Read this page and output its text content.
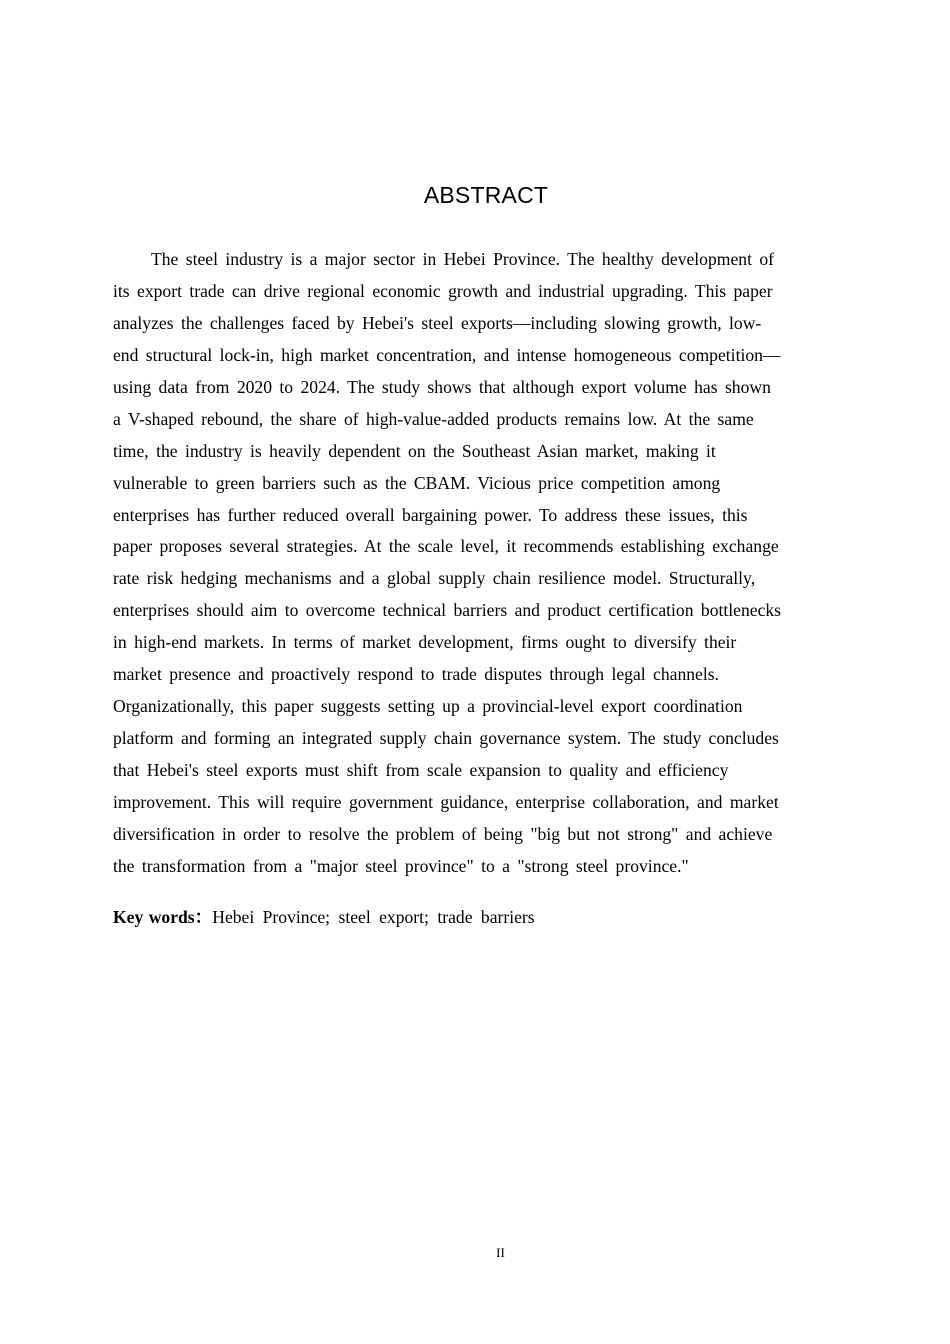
ABSTRACT
The steel industry is a major sector in Hebei Province. The healthy development of
its export trade can drive regional economic growth and industrial upgrading. This paper
analyzes the challenges faced by Hebei's steel exports—including slowing growth, low-
end structural lock-in, high market concentration, and intense homogeneous competition—
using data from 2020 to 2024. The study shows that although export volume has shown
a V-shaped rebound, the share of high-value-added products remains low. At the same
time, the industry is heavily dependent on the Southeast Asian market, making it
vulnerable to green barriers such as the CBAM. Vicious price competition among
enterprises has further reduced overall bargaining power. To address these issues, this
paper proposes several strategies. At the scale level, it recommends establishing exchange
rate risk hedging mechanisms and a global supply chain resilience model. Structurally,
enterprises should aim to overcome technical barriers and product certification bottlenecks
in high-end markets. In terms of market development, firms ought to diversify their
market presence and proactively respond to trade disputes through legal channels.
Organizationally, this paper suggests setting up a provincial-level export coordination
platform and forming an integrated supply chain governance system. The study concludes
that Hebei's steel exports must shift from scale expansion to quality and efficiency
improvement. This will require government guidance, enterprise collaboration, and market
diversification in order to resolve the problem of being "big but not strong" and achieve
the transformation from a "major steel province" to a "strong steel province."
Key words：Hebei Province; steel export; trade barriers
II
